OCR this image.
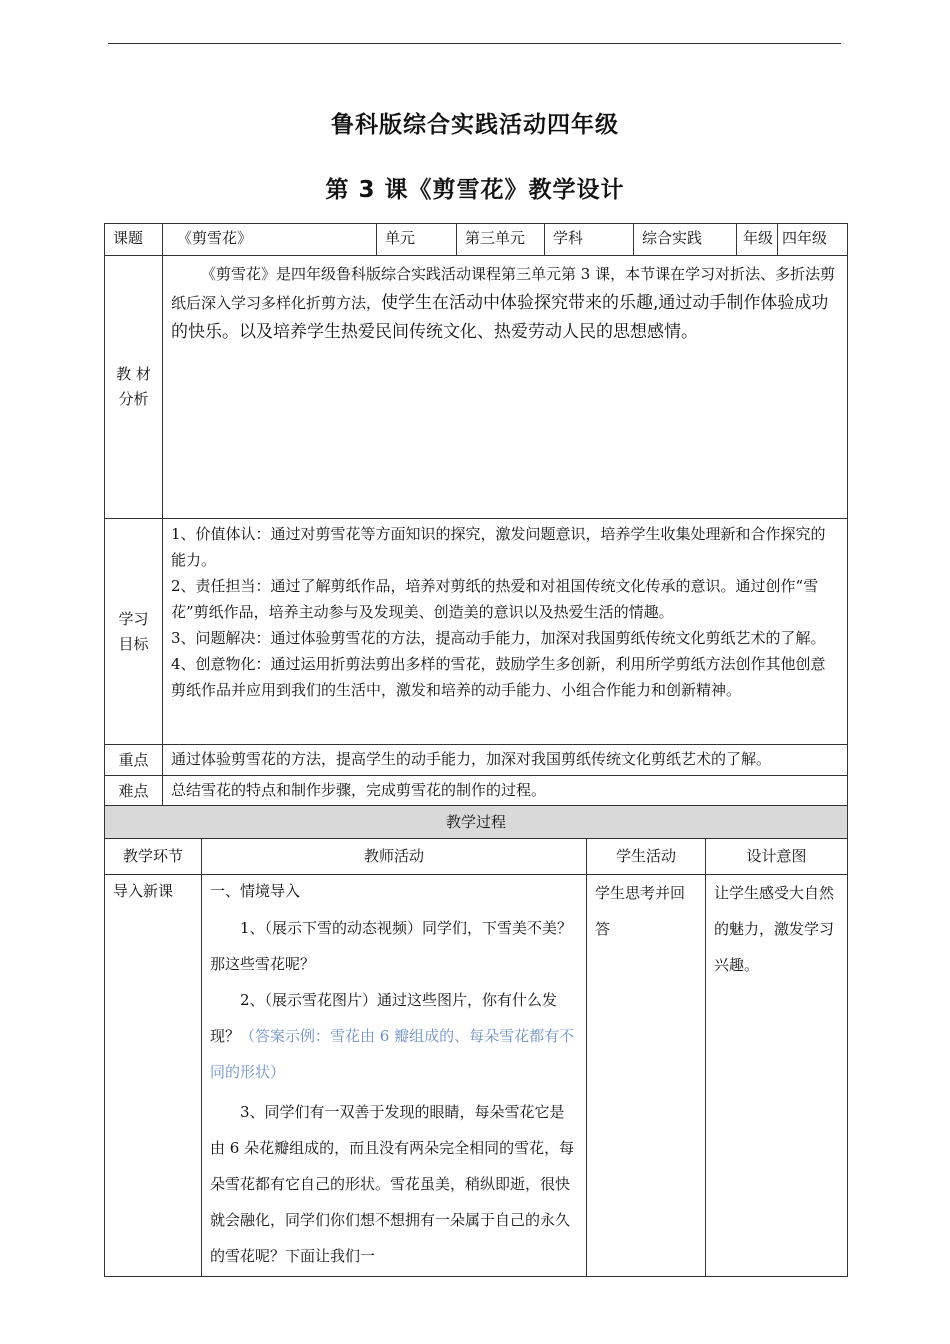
鲁科版综合实践活动四年级
第 3 课《剪雪花》教学设计
课题	《剪雪花》	单元	第三单元	学科	综合实践	年级	四年级
教 材 分析	《剪雪花》是四年级鲁科版综合实践活动课程第三单元第 3 课，本节课在学习对折法、多折法剪纸后深入学习多样化折剪方法，使学生在活动中体验探究带来的乐趣,通过动手制作体验成功的快乐。以及培养学生热爱民间传统文化、热爱劳动人民的思想感情。						

学习 目标	1、价值体认：通过对剪雪花等方面知识的探究，激发问题意识，培养学生收集处理新和合作探究的能力。

2、责任担当：通过了解剪纸作品，培养对剪纸的热爱和对祖国传统文化传承的意识。通过创作“雪花”剪纸作品，培养主动参与及发现美、创造美的意识以及热爱生活的情趣。

3、问题解决：通过体验剪雪花的方法，提高动手能力，加深对我国剪纸传统文化剪纸艺术的了解。

4、创意物化：通过运用折剪法剪出多样的雪花，鼓励学生多创新，利用所学剪纸方法创作其他创意剪纸作品并应用到我们的生活中，激发和培养的动手能力、小组合作能力和创新精神。						

重点	通过体验剪雪花的方法，提高学生的动手能力，加深对我国剪纸传统文化剪纸艺术的了解。						
难点	总结雪花的特点和制作步骤，完成剪雪花的制作的过程。						
教学过程			
教学环节	教师活动	学生活动	设计意图
导入新课	一、情境导入

1、（展示下雪的动态视频）同学们，下雪美不美？那这些雪花呢？

2、（展示雪花图片）通过这些图片，你有什么发现？（答案示例：雪花由 6 瓣组成的、每朵雪花都有不同的形状）

3、同学们有一双善于发现的眼睛，每朵雪花它是由 6 朵花瓣组成的，而且没有两朵完全相同的雪花，每朵雪花都有它自己的形状。雪花虽美，稍纵即逝，很快就会融化，同学们你们想不想拥有一朵属于自己的永久的雪花呢？下面让我们一	学生思考并回答	让学生感受大自然的魅力，激发学习兴趣。
